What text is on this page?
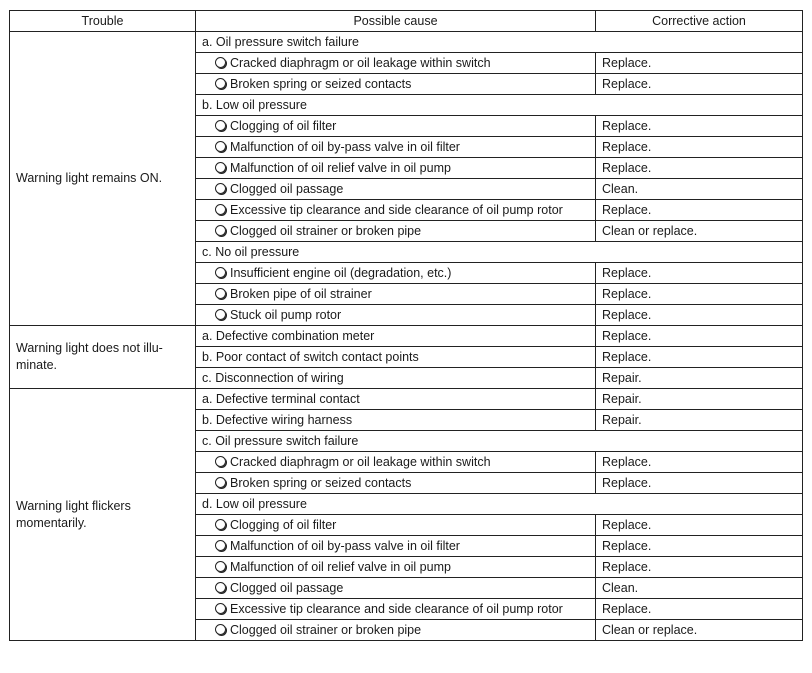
Trouble	Possible cause	Corrective action
Warning light remains ON.	a. Oil pressure switch failure	
	Cracked diaphragm or oil leakage within switch	Replace.
	Broken spring or seized contacts	Replace.
	b. Low oil pressure	
	Clogging of oil filter	Replace.
	Malfunction of oil by-pass valve in oil filter	Replace.
	Malfunction of oil relief valve in oil pump	Replace.
	Clogged oil passage	Clean.
	Excessive tip clearance and side clearance of oil pump rotor	Replace.
	Clogged oil strainer or broken pipe	Clean or replace.
	c. No oil pressure	
	Insufficient engine oil (degradation, etc.)	Replace.
	Broken pipe of oil strainer	Replace.
	Stuck oil pump rotor	Replace.
Warning light does not illu-minate.	a. Defective combination meter	Replace.
	b. Poor contact of switch contact points	Replace.
	c. Disconnection of wiring	Repair.
Warning light flickers momentarily.	a. Defective terminal contact	Repair.
	b. Defective wiring harness	Repair.
	c. Oil pressure switch failure	
	Cracked diaphragm or oil leakage within switch	Replace.
	Broken spring or seized contacts	Replace.
	d. Low oil pressure	
	Clogging of oil filter	Replace.
	Malfunction of oil by-pass valve in oil filter	Replace.
	Malfunction of oil relief valve in oil pump	Replace.
	Clogged oil passage	Clean.
	Excessive tip clearance and side clearance of oil pump rotor	Replace.
	Clogged oil strainer or broken pipe	Clean or replace.
